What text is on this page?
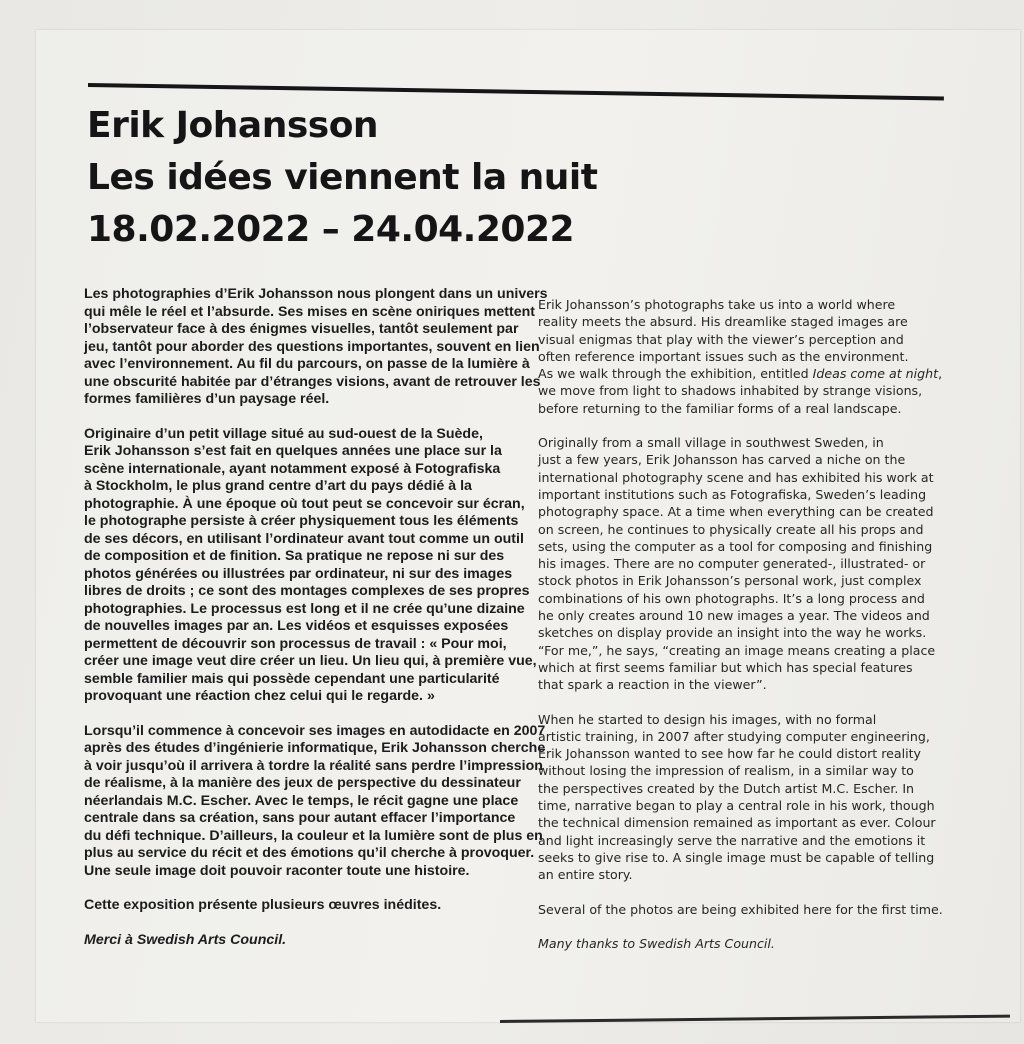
Erik Johansson
Les idées viennent la nuit
18.02.2022 – 24.04.2022
Les photographies d’Erik Johansson nous plongent dans un univers
qui mêle le réel et l’absurde. Ses mises en scène oniriques mettent
l’observateur face à des énigmes visuelles, tantôt seulement par
jeu, tantôt pour aborder des questions importantes, souvent en lien
avec l’environnement. Au fil du parcours, on passe de la lumière à
une obscurité habitée par d’étranges visions, avant de retrouver les
formes familières d’un paysage réel.
Originaire d’un petit village situé au sud-ouest de la Suède,
Erik Johansson s’est fait en quelques années une place sur la
scène internationale, ayant notamment exposé à Fotografiska
à Stockholm, le plus grand centre d’art du pays dédié à la
photographie. À une époque où tout peut se concevoir sur écran,
le photographe persiste à créer physiquement tous les éléments
de ses décors, en utilisant l’ordinateur avant tout comme un outil
de composition et de finition. Sa pratique ne repose ni sur des
photos générées ou illustrées par ordinateur, ni sur des images
libres de droits ; ce sont des montages complexes de ses propres
photographies. Le processus est long et il ne crée qu’une dizaine
de nouvelles images par an. Les vidéos et esquisses exposées
permettent de découvrir son processus de travail : « Pour moi,
créer une image veut dire créer un lieu. Un lieu qui, à première vue,
semble familier mais qui possède cependant une particularité
provoquant une réaction chez celui qui le regarde. »
Lorsqu’il commence à concevoir ses images en autodidacte en 2007
après des études d’ingénierie informatique, Erik Johansson cherche
à voir jusqu’où il arrivera à tordre la réalité sans perdre l’impression
de réalisme, à la manière des jeux de perspective du dessinateur
néerlandais M.C. Escher. Avec le temps, le récit gagne une place
centrale dans sa création, sans pour autant effacer l’importance
du défi technique. D’ailleurs, la couleur et la lumière sont de plus en
plus au service du récit et des émotions qu’il cherche à provoquer.
Une seule image doit pouvoir raconter toute une histoire.
Cette exposition présente plusieurs œuvres inédites.
Merci à Swedish Arts Council.
Erik Johansson’s photographs take us into a world where
reality meets the absurd. His dreamlike staged images are
visual enigmas that play with the viewer’s perception and
often reference important issues such as the environment.
As we walk through the exhibition, entitled Ideas come at night,
we move from light to shadows inhabited by strange visions,
before returning to the familiar forms of a real landscape.
Originally from a small village in southwest Sweden, in
just a few years, Erik Johansson has carved a niche on the
international photography scene and has exhibited his work at
important institutions such as Fotografiska, Sweden’s leading
photography space. At a time when everything can be created
on screen, he continues to physically create all his props and
sets, using the computer as a tool for composing and finishing
his images. There are no computer generated-, illustrated- or
stock photos in Erik Johansson’s personal work, just complex
combinations of his own photographs. It’s a long process and
he only creates around 10 new images a year. The videos and
sketches on display provide an insight into the way he works.
“For me,”, he says, “creating an image means creating a place
which at first seems familiar but which has special features
that spark a reaction in the viewer”.
When he started to design his images, with no formal
artistic training, in 2007 after studying computer engineering,
Erik Johansson wanted to see how far he could distort reality
without losing the impression of realism, in a similar way to
the perspectives created by the Dutch artist M.C. Escher. In
time, narrative began to play a central role in his work, though
the technical dimension remained as important as ever. Colour
and light increasingly serve the narrative and the emotions it
seeks to give rise to. A single image must be capable of telling
an entire story.
Several of the photos are being exhibited here for the first time.
Many thanks to Swedish Arts Council.
